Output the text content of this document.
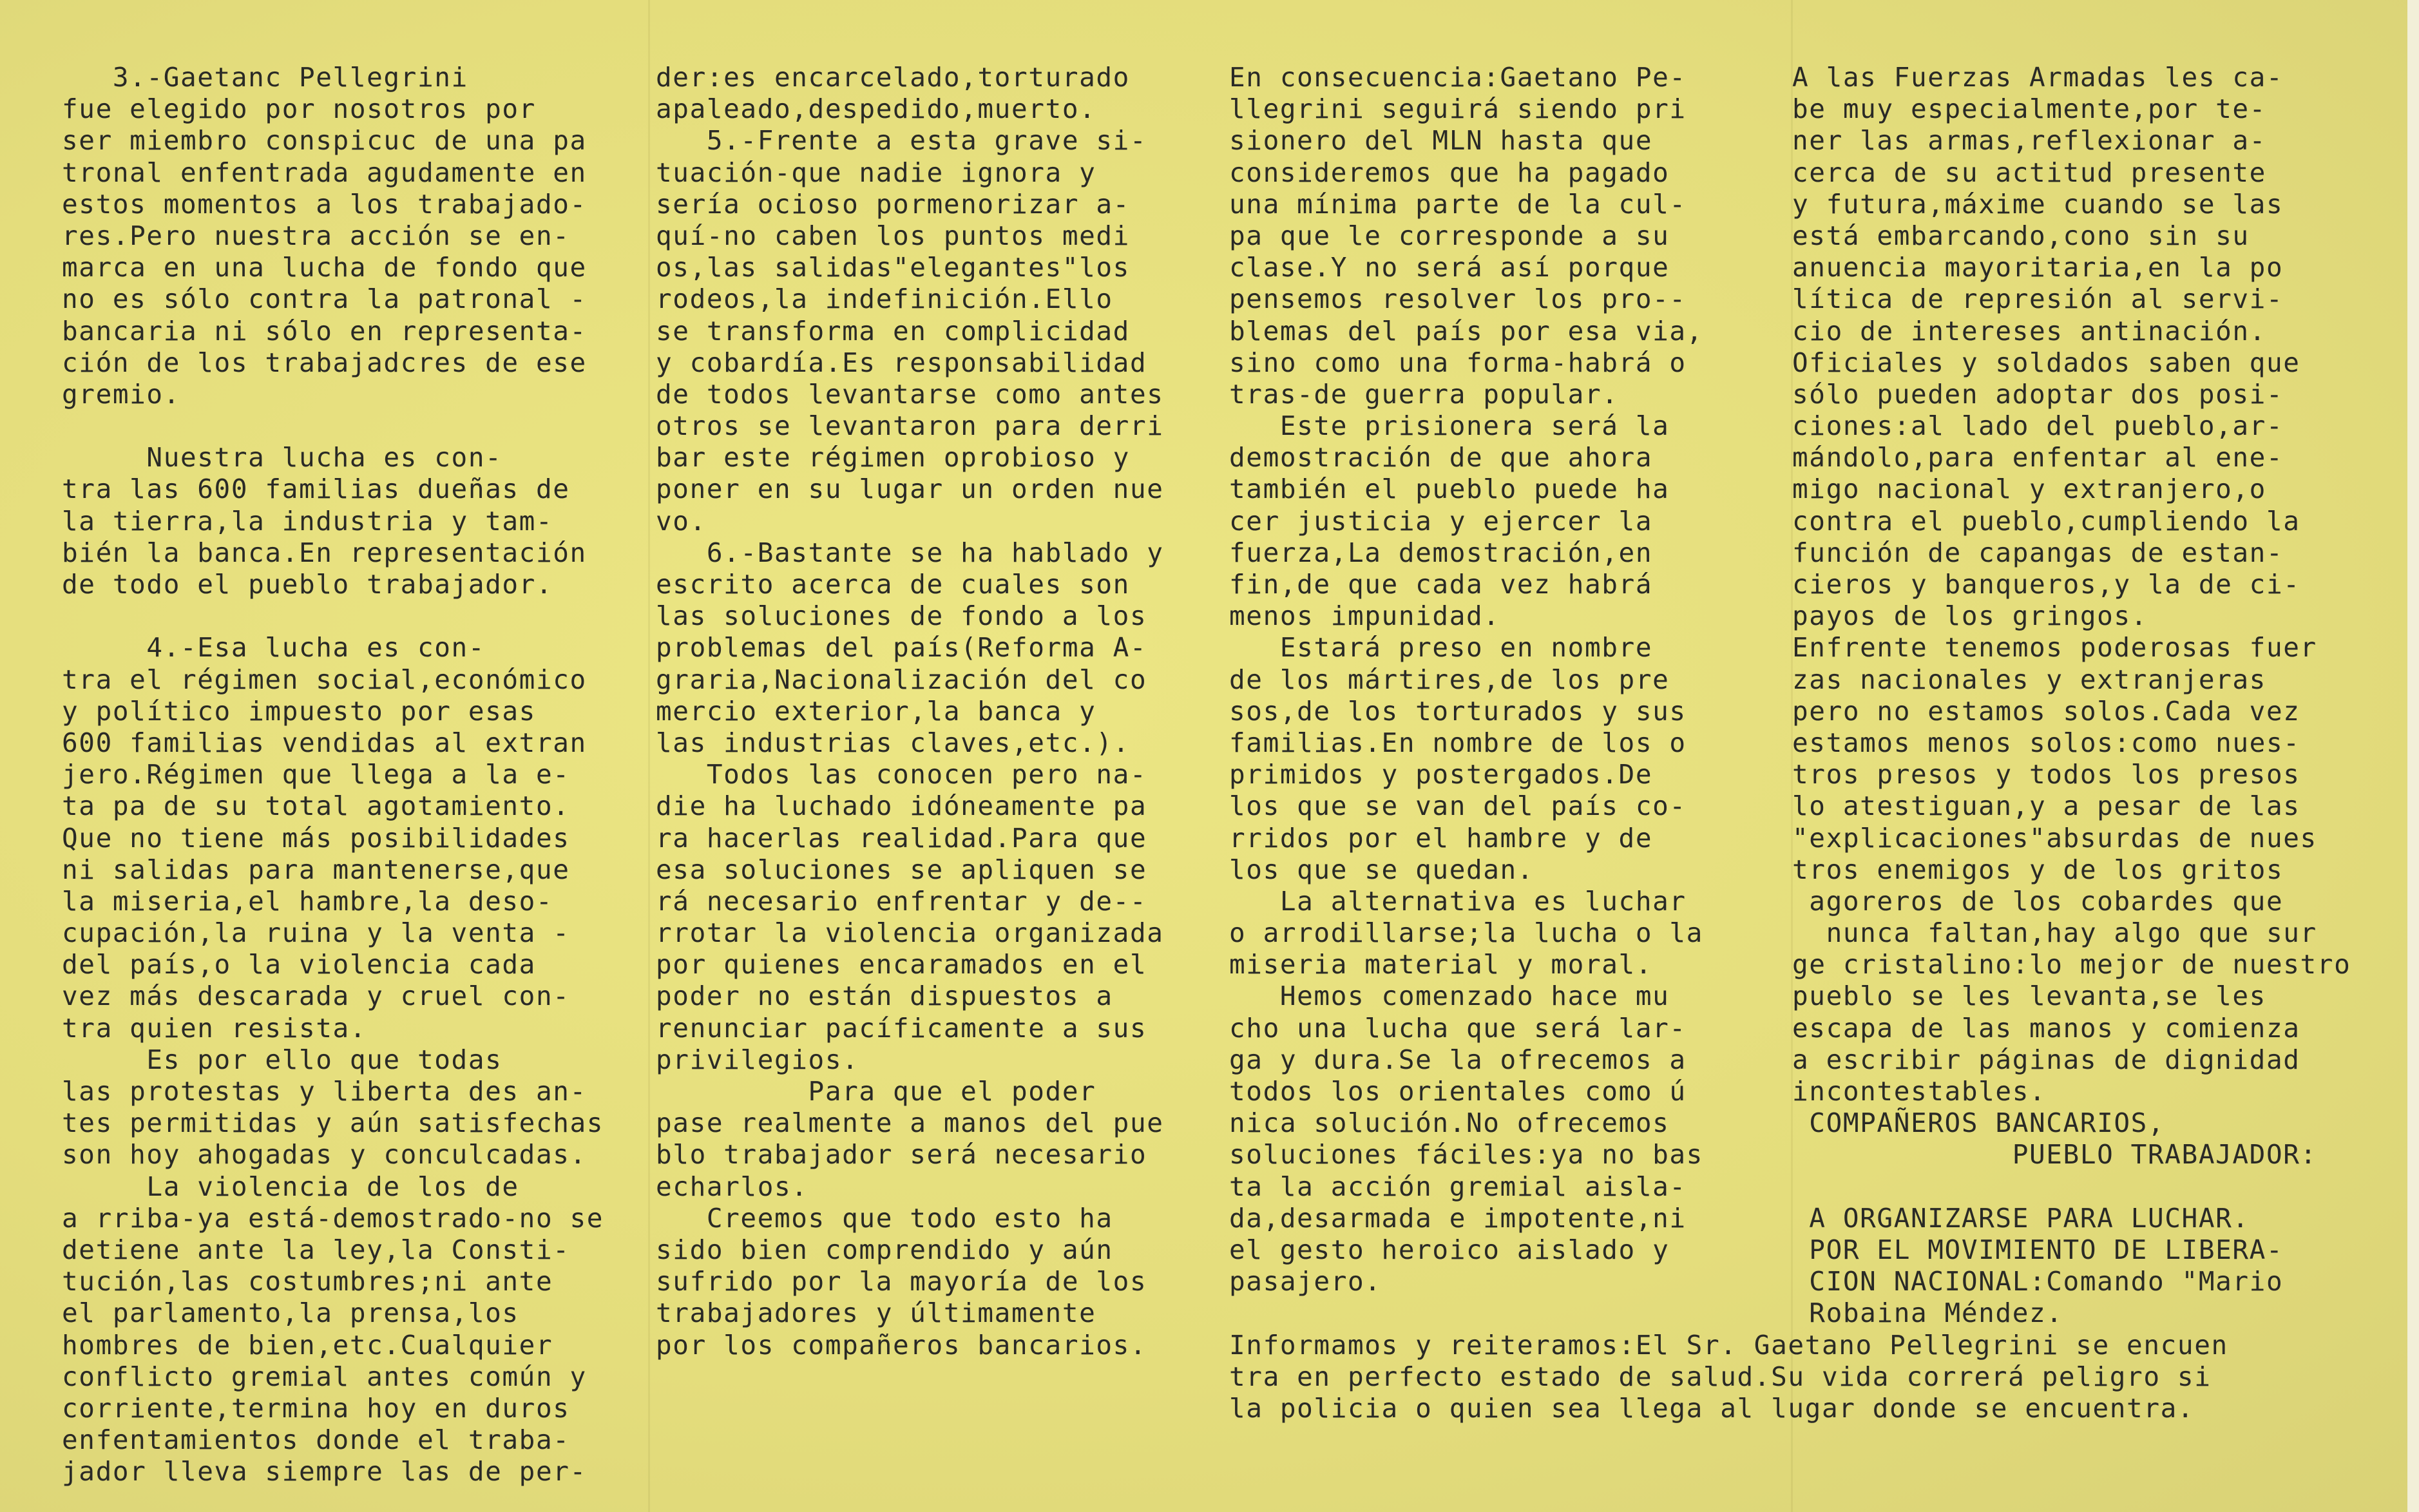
3.-Gaetanc Pellegrini
fue elegido por nosotros por
ser miembro conspicuc de una pa
tronal enfentrada agudamente en
estos momentos a los trabajado-
res.Pero nuestra acción se en-
marca en una lucha de fondo que
no es sólo contra la patronal -
bancaria ni sólo en representa-
ción de los trabajadcres de ese
gremio.
Nuestra lucha es con-
tra las 600 familias dueñas de
la tierra,la industria y tam-
bién la banca.En representación
de todo el pueblo trabajador.
4.-Esa lucha es con-
tra el régimen social,económico
y político impuesto por esas
600 familias vendidas al extran
jero.Régimen que llega a la e-
ta pa de su total agotamiento.
Que no tiene más posibilidades
ni salidas para mantenerse,que
la miseria,el hambre,la deso-
cupación,la ruina y la venta -
del país,o la violencia cada
vez más descarada y cruel con-
tra quien resista.
Es por ello que todas
las protestas y liberta des an-
tes permitidas y aún satisfechas
son hoy ahogadas y conculcadas.
La violencia de los de
a rriba-ya está-demostrado-no se
detiene ante la ley,la Consti-
tución,las costumbres;ni ante
el parlamento,la prensa,los
hombres de bien,etc.Cualquier
conflicto gremial antes común y
corriente,termina hoy en duros
enfentamientos donde el traba-
jador lleva siempre las de per-
der:es encarcelado,torturado
apaleado,despedido,muerto.
5.-Frente a esta grave si-
tuación-que nadie ignora y
sería ocioso pormenorizar a-
quí-no caben los puntos medi
os,las salidas"elegantes"los
rodeos,la indefinición.Ello
se transforma en complicidad
y cobardía.Es responsabilidad
de todos levantarse como antes
otros se levantaron para derri
bar este régimen oprobioso y
poner en su lugar un orden nue
vo.
6.-Bastante se ha hablado y
escrito acerca de cuales son
las soluciones de fondo a los
problemas del país(Reforma A-
graria,Nacionalización del co
mercio exterior,la banca y
las industrias claves,etc.).
Todos las conocen pero na-
die ha luchado idóneamente pa
ra hacerlas realidad.Para que
esa soluciones se apliquen se
rá necesario enfrentar y de--
rrotar la violencia organizada
por quienes encaramados en el
poder no están dispuestos a
renunciar pacíficamente a sus
privilegios.
Para que el poder
pase realmente a manos del pue
blo trabajador será necesario
echarlos.
Creemos que todo esto ha
sido bien comprendido y aún
sufrido por la mayoría de los
trabajadores y últimamente
por los compañeros bancarios.
En consecuencia:Gaetano Pe-
llegrini seguirá siendo pri
sionero del MLN hasta que
consideremos que ha pagado
una mínima parte de la cul-
pa que le corresponde a su
clase.Y no será así porque
pensemos resolver los pro--
blemas del país por esa via,
sino como una forma-habrá o
tras-de guerra popular.
Este prisionera será la
demostración de que ahora
también el pueblo puede ha
cer justicia y ejercer la
fuerza,La demostración,en
fin,de que cada vez habrá
menos impunidad.
Estará preso en nombre
de los mártires,de los pre
sos,de los torturados y sus
familias.En nombre de los o
primidos y postergados.De
los que se van del país co-
rridos por el hambre y de
los que se quedan.
La alternativa es luchar
o arrodillarse;la lucha o la
miseria material y moral.
Hemos comenzado hace mu
cho una lucha que será lar-
ga y dura.Se la ofrecemos a
todos los orientales como ú
nica solución.No ofrecemos
soluciones fáciles:ya no bas
ta la acción gremial aisla-
da,desarmada e impotente,ni
el gesto heroico aislado y
pasajero.
Informamos y reiteramos:El Sr. Gaetano Pellegrini se encuen
tra en perfecto estado de salud.Su vida correrá peligro si
la policia o quien sea llega al lugar donde se encuentra.
A las Fuerzas Armadas les ca-
be muy especialmente,por te-
ner las armas,reflexionar a-
cerca de su actitud presente
y futura,máxime cuando se las
está embarcando,cono sin su
anuencia mayoritaria,en la po
lítica de represión al servi-
cio de intereses antinación.
Oficiales y soldados saben que
sólo pueden adoptar dos posi-
ciones:al lado del pueblo,ar-
mándolo,para enfentar al ene-
migo nacional y extranjero,o
contra el pueblo,cumpliendo la
función de capangas de estan-
cieros y banqueros,y la de ci-
payos de los gringos.
Enfrente tenemos poderosas fuer
zas nacionales y extranjeras
pero no estamos solos.Cada vez
estamos menos solos:como nues-
tros presos y todos los presos
lo atestiguan,y a pesar de las
"explicaciones"absurdas de nues
tros enemigos y de los gritos
agoreros de los cobardes que
nunca faltan,hay algo que sur
ge cristalino:lo mejor de nuestro
pueblo se les levanta,se les
escapa de las manos y comienza
a escribir páginas de dignidad
incontestables.
COMPAÑEROS BANCARIOS,
PUEBLO TRABAJADOR:
A ORGANIZARSE PARA LUCHAR.
POR EL MOVIMIENTO DE LIBERA-
CION NACIONAL:Comando "Mario
Robaina Méndez.
